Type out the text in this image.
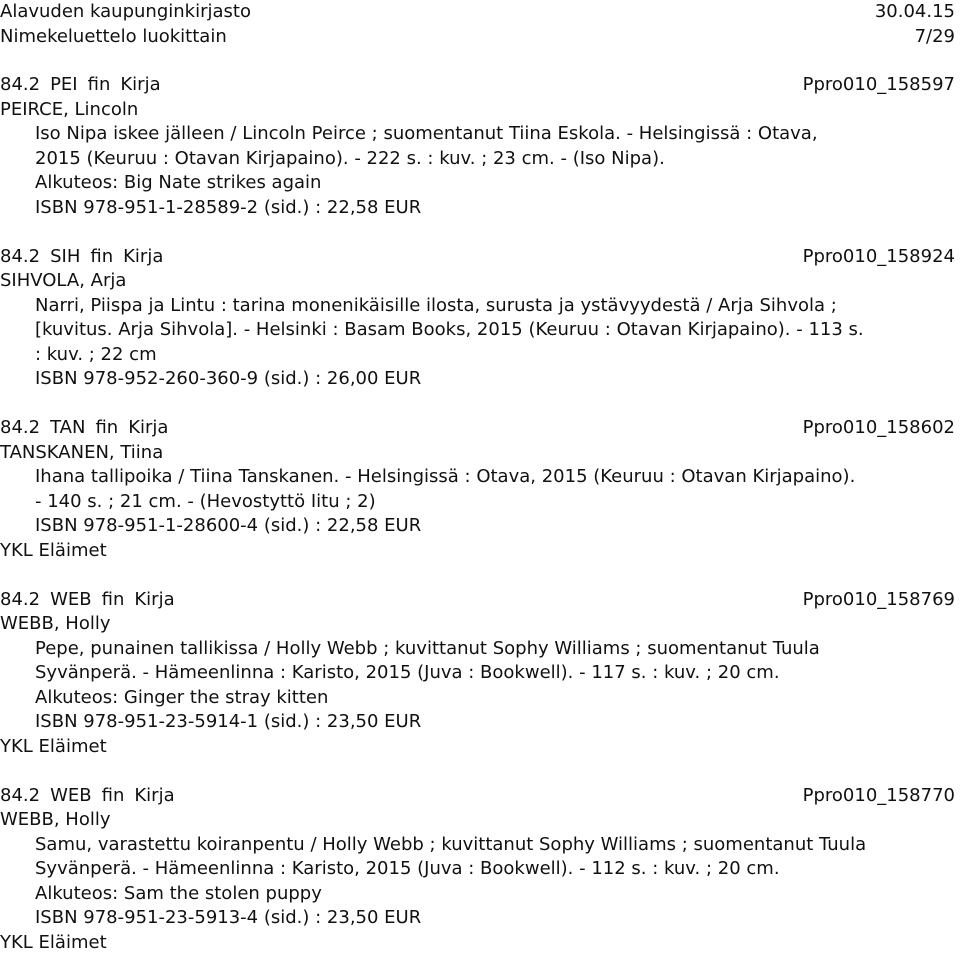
Alavuden kaupunginkirjasto	30.04.15
Nimekeluettelo luokittain	7/29
84.2 PEI fin Kirja	Ppro010_158597
PEIRCE, Lincoln
Iso Nipa iskee jälleen / Lincoln Peirce ; suomentanut Tiina Eskola. - Helsingissä : Otava,
2015 (Keuruu : Otavan Kirjapaino). - 222 s. : kuv. ; 23 cm. - (Iso Nipa).
Alkuteos: Big Nate strikes again
ISBN 978-951-1-28589-2 (sid.) : 22,58 EUR
84.2 SIH fin Kirja	Ppro010_158924
SIHVOLA, Arja
Narri, Piispa ja Lintu : tarina monenikäisille ilosta, surusta ja ystävyydestä / Arja Sihvola ;
[kuvitus. Arja Sihvola]. - Helsinki : Basam Books, 2015 (Keuruu : Otavan Kirjapaino). - 113 s.
: kuv. ; 22 cm
ISBN 978-952-260-360-9 (sid.) : 26,00 EUR
84.2 TAN fin Kirja	Ppro010_158602
TANSKANEN, Tiina
Ihana tallipoika / Tiina Tanskanen. - Helsingissä : Otava, 2015 (Keuruu : Otavan Kirjapaino).
- 140 s. ; 21 cm. - (Hevostyttö Iitu ; 2)
ISBN 978-951-1-28600-4 (sid.) : 22,58 EUR
YKL Eläimet
84.2 WEB fin Kirja	Ppro010_158769
WEBB, Holly
Pepe, punainen tallikissa / Holly Webb ; kuvittanut Sophy Williams ; suomentanut Tuula
Syvänperä. - Hämeenlinna : Karisto, 2015 (Juva : Bookwell). - 117 s. : kuv. ; 20 cm.
Alkuteos: Ginger the stray kitten
ISBN 978-951-23-5914-1 (sid.) : 23,50 EUR
YKL Eläimet
84.2 WEB fin Kirja	Ppro010_158770
WEBB, Holly
Samu, varastettu koiranpentu / Holly Webb ; kuvittanut Sophy Williams ; suomentanut Tuula
Syvänperä. - Hämeenlinna : Karisto, 2015 (Juva : Bookwell). - 112 s. : kuv. ; 20 cm.
Alkuteos: Sam the stolen puppy
ISBN 978-951-23-5913-4 (sid.) : 23,50 EUR
YKL Eläimet
